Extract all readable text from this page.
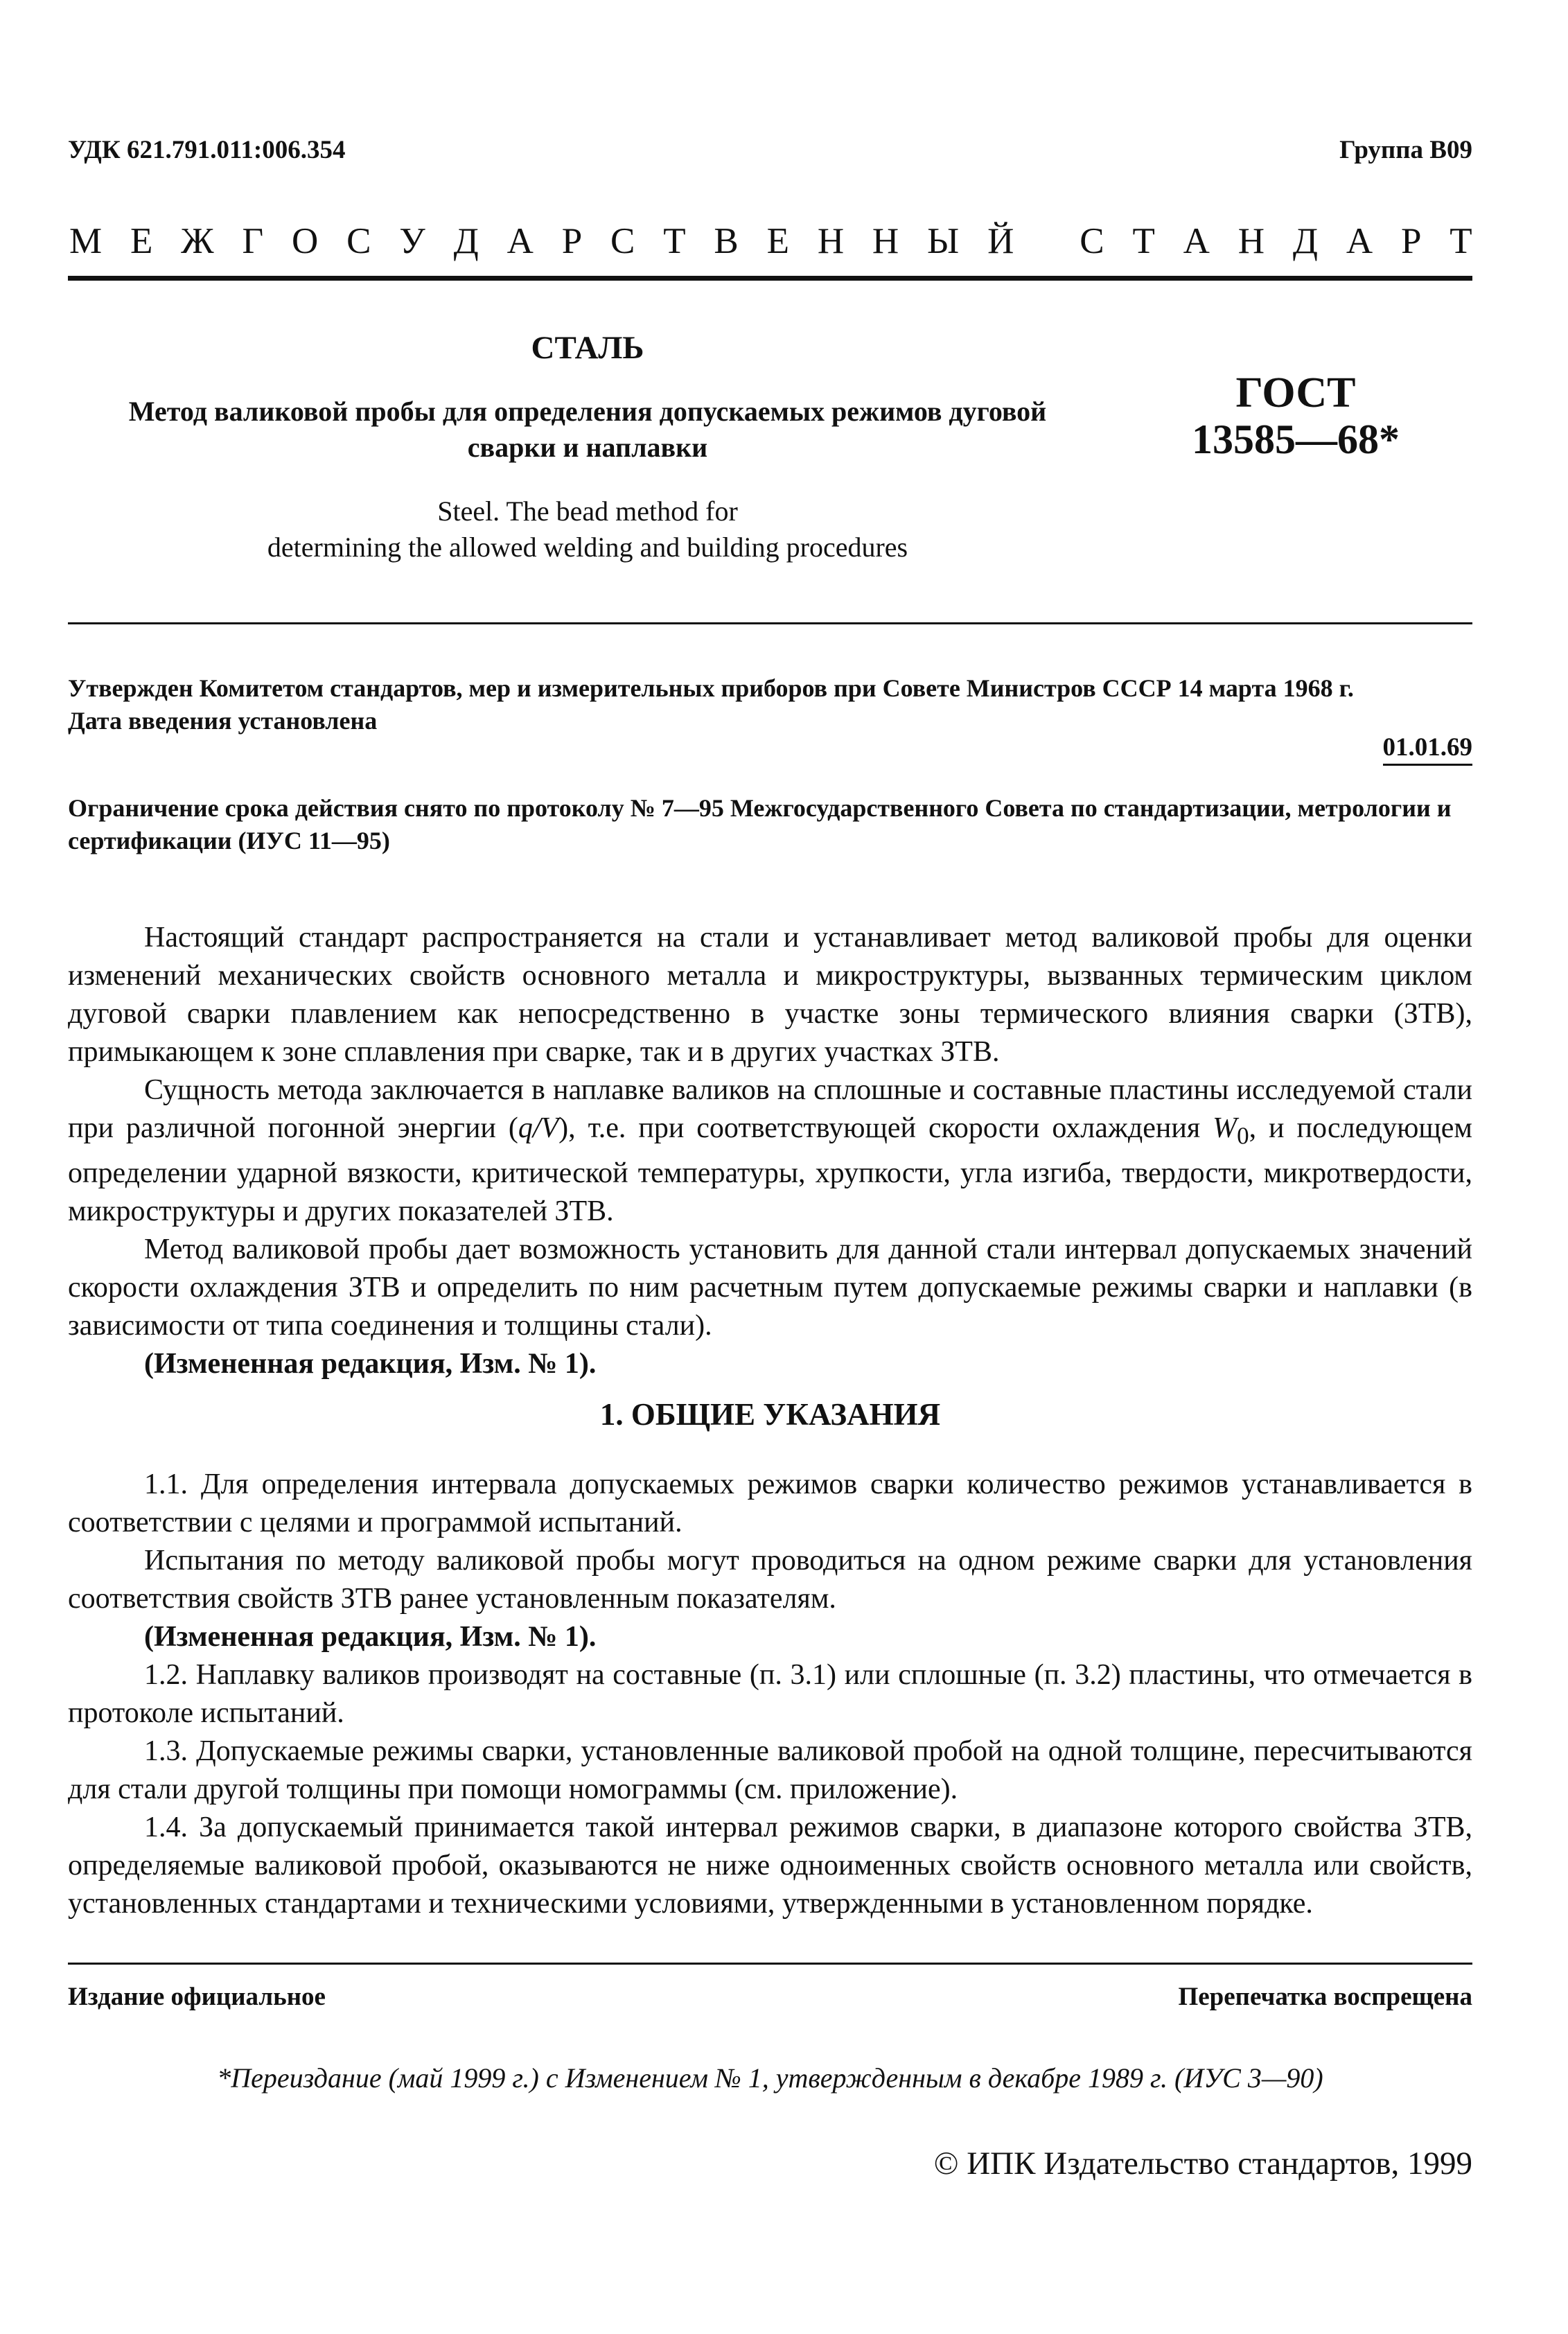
УДК 621.791.011:006.354	Группа В09
М Е Ж Г О С У Д А Р С Т В Е Н Н Ы Й
С Т А Н Д А Р Т
СТАЛЬ
Метод валиковой пробы для определения допускаемых режимов дуговой
сварки и наплавки
Steel. The bead method for
determining the allowed welding and building procedures
ГОСТ
13585—68*
Утвержден Комитетом стандартов, мер и измерительных приборов при Совете Министров СССР 14 марта 1968 г.
Дата введения установлена
01.01.69
Ограничение срока действия снято по протоколу № 7—95 Межгосударственного Совета по стандартизации, метрологии и сертификации (ИУС 11—95)

Настоящий стандарт распространяется на стали и устанавливает метод валиковой пробы для оценки изменений механических свойств основного металла и микроструктуры, вызванных термическим циклом дуговой сварки плавлением как непосредственно в участке зоны термического влияния сварки (ЗТВ), примыкающем к зоне сплавления при сварке, так и в других участках ЗТВ.

Сущность метода заключается в наплавке валиков на сплошные и составные пластины исследуемой стали при различной погонной энергии (q/V), т.е. при соответствующей скорости охлаждения $W_0$, и последующем определении ударной вязкости, критической температуры, хрупкости, угла изгиба, твердости, микротвердости, микроструктуры и других показателей ЗТВ.

Метод валиковой пробы дает возможность установить для данной стали интервал допускаемых значений скорости охлаждения ЗТВ и определить по ним расчетным путем допускаемые режимы сварки и наплавки (в зависимости от типа соединения и толщины стали).

(Измененная редакция, Изм. № 1).

1. ОБЩИЕ УКАЗАНИЯ

1.1. Для определения интервала допускаемых режимов сварки количество режимов устанавливается в соответствии с целями и программой испытаний.

Испытания по методу валиковой пробы могут проводиться на одном режиме сварки для установления соответствия свойств ЗТВ ранее установленным показателям.

(Измененная редакция, Изм. № 1).

1.2. Наплавку валиков производят на составные (п. 3.1) или сплошные (п. 3.2) пластины, что отмечается в протоколе испытаний.

1.3. Допускаемые режимы сварки, установленные валиковой пробой на одной толщине, пересчитываются для стали другой толщины при помощи номограммы (см. приложение).

1.4. За допускаемый принимается такой интервал режимов сварки, в диапазоне которого свойства ЗТВ, определяемые валиковой пробой, оказываются не ниже одноименных свойств основного металла или свойств, установленных стандартами и техническими условиями, утвержденными в установленном порядке.

Издание официальное	Перепечатка воспрещена
*Переиздание (май 1999 г.) с Изменением № 1, утвержденным в декабре 1989 г. (ИУС 3—90)
© ИПК Издательство стандартов, 1999
